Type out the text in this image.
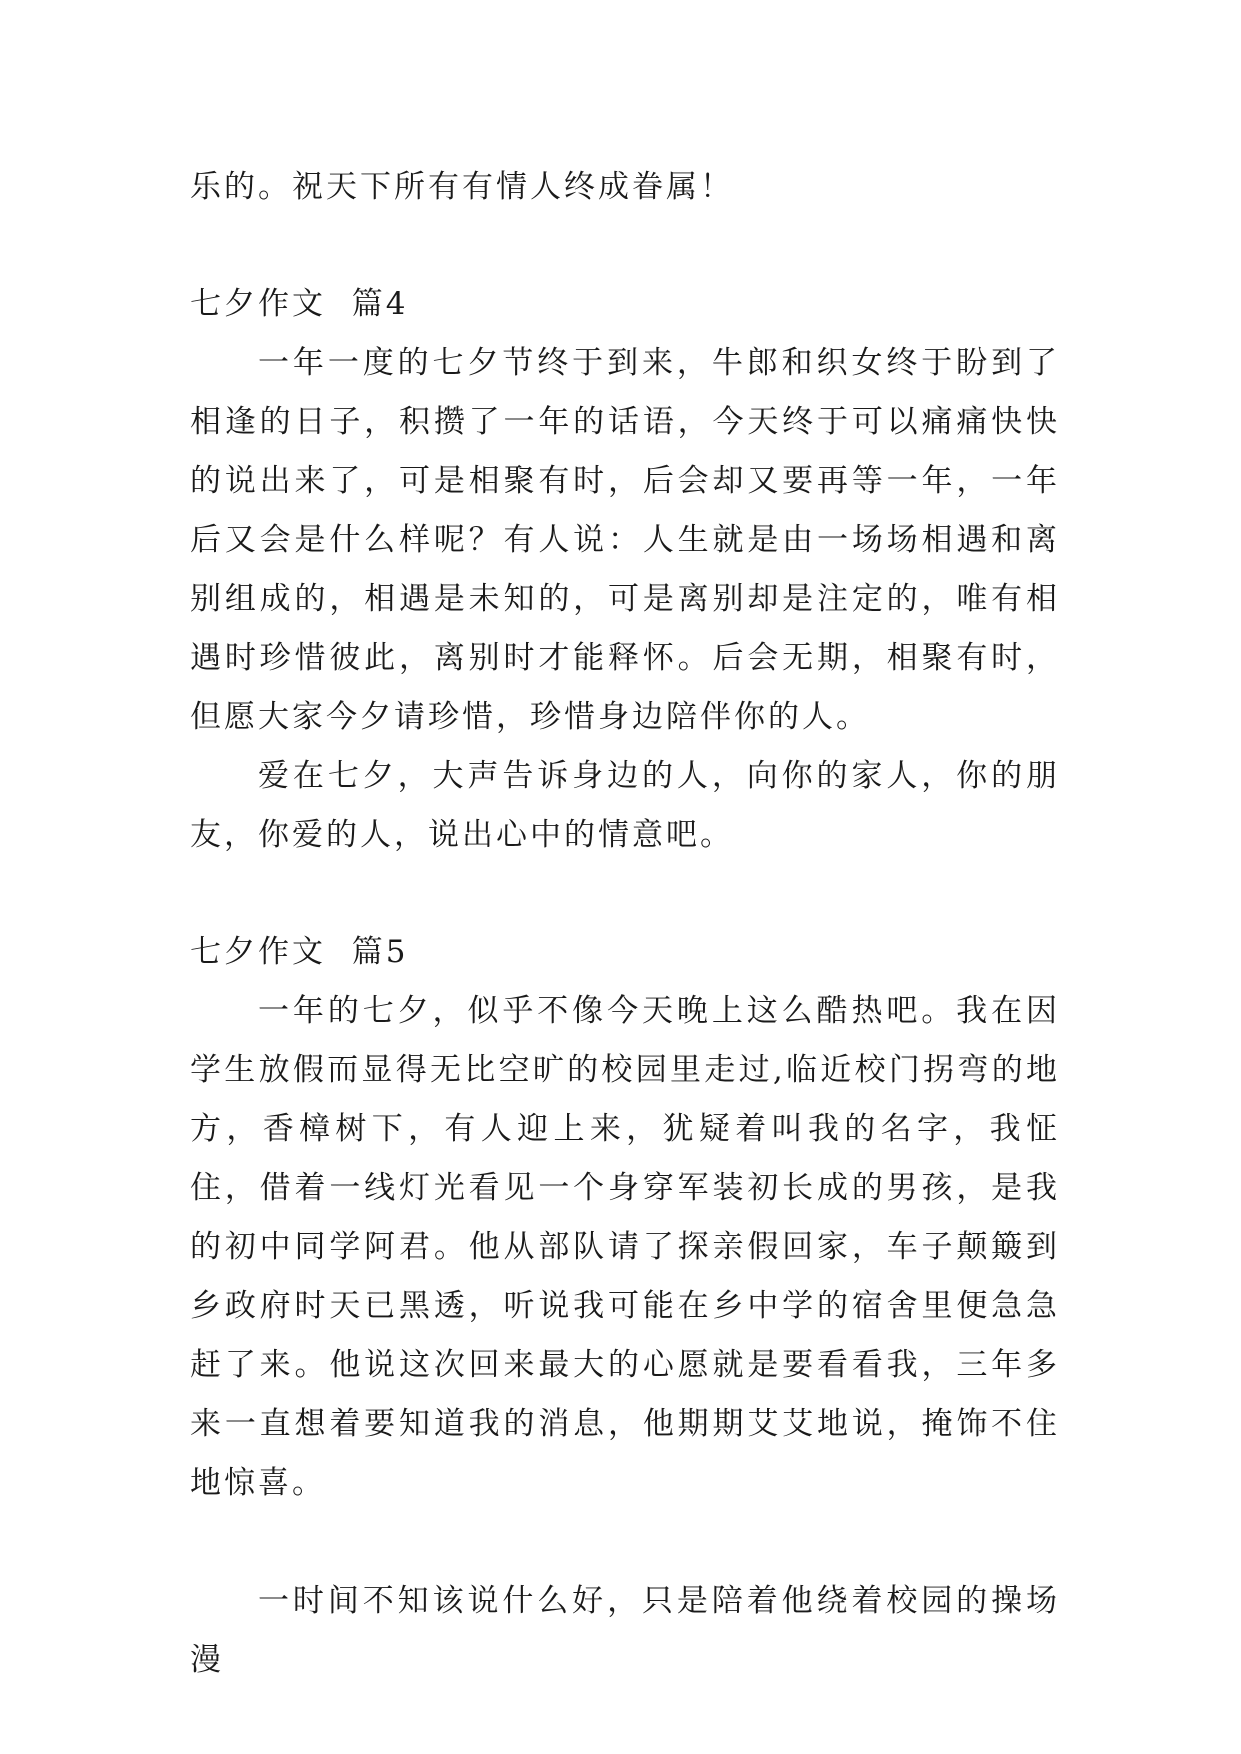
乐的。祝天下所有有情人终成眷属！

七夕作文  篇4

一年一度的七夕节终于到来，牛郎和织女终于盼到了相逢的日子，积攒了一年的话语，今天终于可以痛痛快快的说出来了，可是相聚有时，后会却又要再等一年，一年后又会是什么样呢？有人说：人生就是由一场场相遇和离别组成的，相遇是未知的，可是离别却是注定的，唯有相遇时珍惜彼此，离别时才能释怀。后会无期，相聚有时，但愿大家今夕请珍惜，珍惜身边陪伴你的人。

爱在七夕，大声告诉身边的人，向你的家人，你的朋友，你爱的人，说出心中的情意吧。

七夕作文  篇5

一年的七夕，似乎不像今天晚上这么酷热吧。我在因学生放假而显得无比空旷的校园里走过,临近校门拐弯的地方，香樟树下，有人迎上来，犹疑着叫我的名字，我怔住，借着一线灯光看见一个身穿军装初长成的男孩，是我的初中同学阿君。他从部队请了探亲假回家，车子颠簸到乡政府时天已黑透，听说我可能在乡中学的宿舍里便急急赶了来。他说这次回来最大的心愿就是要看看我，三年多来一直想着要知道我的消息，他期期艾艾地说，掩饰不住地惊喜。

一时间不知该说什么好，只是陪着他绕着校园的操场漫
